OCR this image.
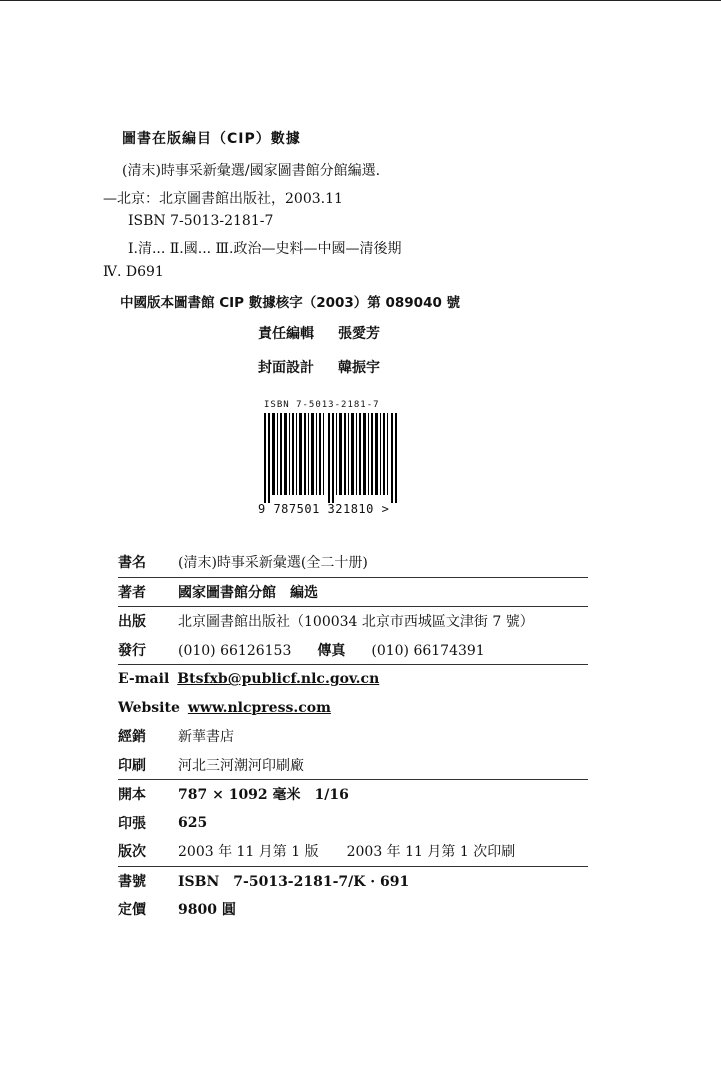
圖書在版編目（CIP）數據
(清末)時事采新彙選/國家圖書館分館編選.
—北京：北京圖書館出版社，2003.11
ISBN 7-5013-2181-7
Ⅰ.清... Ⅱ.國... Ⅲ.政治—史料—中國—清後期
Ⅳ. D691
中國版本圖書館 CIP 數據核字（2003）第 089040 號
責任編輯 張愛芳
封面設計 韓振宇
ISBN 7-5013-2181-7
9 787501 321810 >
書名	(清末)時事采新彙選(全二十册)
著者	國家圖書館分館　編选
出版	北京圖書館出版社（100034 北京市西城區文津街 7 號）
發行	(010) 66126153 傳真 (010) 66174391
E-mail Btsfxb@publicf.nlc.gov.cn
Website www.nlcpress.com
經銷	新華書店
印刷	河北三河潮河印刷廠
開本	787 × 1092 毫米　1/16
印張	625
版次	2003 年 11 月第 1 版　　2003 年 11 月第 1 次印刷
書號	ISBN　7-5013-2181-7/K · 691
定價	9800 圓
